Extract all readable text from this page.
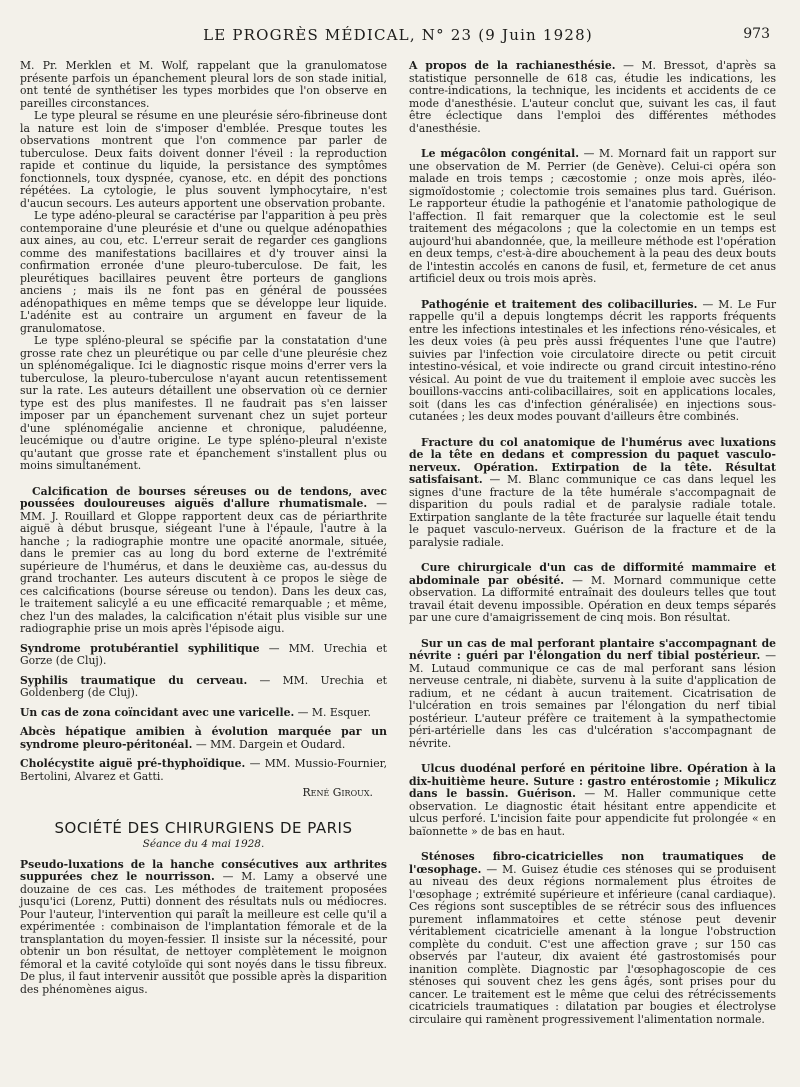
LE PROGRÈS MÉDICAL, N° 23 (9 Juin 1928)	973

M. Pr. Merklen et M. Wolf, rappelant que la granulomatose présente parfois un épanchement pleural lors de son stade initial, ont tenté de synthétiser les types morbides que l'on observe en pareilles circonstances.

Le type pleural se résume en une pleurésie séro-fibrineuse dont la nature est loin de s'imposer d'emblée. Presque toutes les observations montrent que l'on commence par parler de tuberculose. Deux faits doivent donner l'éveil : la reproduction rapide et continue du liquide, la persistance des symptômes fonctionnels, toux dyspnée, cyanose, etc. en dépit des ponctions répétées. La cytologie, le plus souvent lymphocytaire, n'est d'aucun secours. Les auteurs apportent une observation probante.

Le type adéno-pleural se caractérise par l'apparition à peu près contemporaine d'une pleurésie et d'une ou quelque adénopathies aux aines, au cou, etc. L'erreur serait de regarder ces ganglions comme des manifestations bacillaires et d'y trouver ainsi la confirmation erronée d'une pleuro-tuberculose. De fait, les pleurétiques bacillaires peuvent être porteurs de ganglions anciens ; mais ils ne font pas en général de poussées adénopathiques en même temps que se développe leur liquide. L'adénite est au contraire un argument en faveur de la granulomatose.

Le type spléno-pleural se spécifie par la constatation d'une grosse rate chez un pleurétique ou par celle d'une pleurésie chez un splénomégalique. Ici le diagnostic risque moins d'errer vers la tuberculose, la pleuro-tuberculose n'ayant aucun retentissement sur la rate. Les auteurs détaillent une observation où ce dernier type est des plus manifestes. Il ne faudrait pas s'en laisser imposer par un épanchement survenant chez un sujet porteur d'une splénomégalie ancienne et chronique, paludéenne, leucémique ou d'autre origine. Le type spléno-pleural n'existe qu'autant que grosse rate et épanchement s'installent plus ou moins simultanément.

Calcification de bourses séreuses ou de tendons, avec poussées douloureuses aiguës d'allure rhumatismale. — MM. J. Rouillard et Gloppe rapportent deux cas de périarthrite aiguë à début brusque, siégeant l'une à l'épaule, l'autre à la hanche ; la radiographie montre une opacité anormale, située, dans le premier cas au long du bord externe de l'extrémité supérieure de l'humérus, et dans le deuxième cas, au-dessus du grand trochanter. Les auteurs discutent à ce propos le siège de ces calcifications (bourse séreuse ou tendon). Dans les deux cas, le traitement salicylé a eu une efficacité remarquable ; et même, chez l'un des malades, la calcification n'était plus visible sur une radiographie prise un mois après l'épisode aigu.

Syndrome protubérantiel syphilitique — MM. Urechia et Gorze (de Cluj).

Syphilis traumatique du cerveau. — MM. Urechia et Goldenberg (de Cluj).

Un cas de zona coïncidant avec une varicelle. — M. Esquer.

Abcès hépatique amibien à évolution marquée par un syndrome pleuro-péritonéal. — MM. Dargein et Oudard.

Cholécystite aiguë pré-thyphoïdique. — MM. Mussio-Fournier, Bertolini, Alvarez et Gatti.

René Giroux.
SOCIÉTÉ DES CHIRURGIENS DE PARIS
Séance du 4 mai 1928.

Pseudo-luxations de la hanche consécutives aux arthrites suppurées chez le nourrisson. — M. Lamy a observé une douzaine de ces cas. Les méthodes de traitement proposées jusqu'ici (Lorenz, Putti) donnent des résultats nuls ou médiocres. Pour l'auteur, l'intervention qui paraît la meilleure est celle qu'il a expérimentée : combinaison de l'implantation fémorale et de la transplantation du moyen-fessier. Il insiste sur la nécessité, pour obtenir un bon résultat, de nettoyer complètement le moignon fémoral et la cavité cotyloïde qui sont noyés dans le tissu fibreux. De plus, il faut intervenir aussitôt que possible après la disparition des phénomènes aigus.

A propos de la rachianesthésie. — M. Bressot, d'après sa statistique personnelle de 618 cas, étudie les indications, les contre-indications, la technique, les incidents et accidents de ce mode d'anesthésie. L'auteur conclut que, suivant les cas, il faut être éclectique dans l'emploi des différentes méthodes d'anesthésie.

Le mégacôlon congénital. — M. Mornard fait un rapport sur une observation de M. Perrier (de Genève). Celui-ci opéra son malade en trois temps ; cæcostomie ; onze mois après, iléo-sigmoïdostomie ; colectomie trois semaines plus tard. Guérison. Le rapporteur étudie la pathogénie et l'anatomie pathologique de l'affection. Il fait remarquer que la colectomie est le seul traitement des mégacolons ; que la colectomie en un temps est aujourd'hui abandonnée, que, la meilleure méthode est l'opération en deux temps, c'est-à-dire abouchement à la peau des deux bouts de l'intestin accolés en canons de fusil, et, fermeture de cet anus artificiel deux ou trois mois après.

Pathogénie et traitement des colibacilluries. — M. Le Fur rappelle qu'il a depuis longtemps décrit les rapports fréquents entre les infections intestinales et les infections réno-vésicales, et les deux voies (à peu près aussi fréquentes l'une que l'autre) suivies par l'infection voie circulatoire directe ou petit circuit intestino-vésical, et voie indirecte ou grand circuit intestino-réno vésical. Au point de vue du traitement il emploie avec succès les bouillons-vaccins anti-colibacillaires, soit en applications locales, soit (dans les cas d'infection généralisée) en injections sous-cutanées ; les deux modes pouvant d'ailleurs être combinés.

Fracture du col anatomique de l'humérus avec luxations de la tête en dedans et compression du paquet vasculo-nerveux. Opération. Extirpation de la tête. Résultat satisfaisant. — M. Blanc communique ce cas dans lequel les signes d'une fracture de la tête humérale s'accompagnait de disparition du pouls radial et de paralysie radiale totale. Extirpation sanglante de la tête fracturée sur laquelle était tendu le paquet vasculo-nerveux. Guérison de la fracture et de la paralysie radiale.

Cure chirurgicale d'un cas de difformité mammaire et abdominale par obésité. — M. Mornard communique cette observation. La difformité entraînait des douleurs telles que tout travail était devenu impossible. Opération en deux temps séparés par une cure d'amaigrissement de cinq mois. Bon résultat.

Sur un cas de mal perforant plantaire s'accompagnant de névrite : guéri par l'élongation du nerf tibial postérieur. — M. Lutaud communique ce cas de mal perforant sans lésion nerveuse centrale, ni diabète, survenu à la suite d'application de radium, et ne cédant à aucun traitement. Cicatrisation de l'ulcération en trois semaines par l'élongation du nerf tibial postérieur. L'auteur préfère ce traitement à la sympathectomie péri-artérielle dans les cas d'ulcération s'accompagnant de névrite.

Ulcus duodénal perforé en péritoine libre. Opération à la dix-huitième heure. Suture : gastro entérostomie ; Mikulicz dans le bassin. Guérison. — M. Haller communique cette observation. Le diagnostic était hésitant entre appendicite et ulcus perforé. L'incision faite pour appendicite fut prolongée « en baïonnette » de bas en haut.

Sténoses fibro-cicatricielles non traumatiques de l'œsophage. — M. Guisez étudie ces sténoses qui se produisent au niveau des deux régions normalement plus étroites de l'œsophage ; extrémité supérieure et inférieure (canal cardiaque). Ces régions sont susceptibles de se rétrécir sous des influences purement inflammatoires et cette sténose peut devenir véritablement cicatricielle amenant à la longue l'obstruction complète du conduit. C'est une affection grave ; sur 150 cas observés par l'auteur, dix avaient été gastrostomisés pour inanition complète. Diagnostic par l'œsophagoscopie de ces sténoses qui souvent chez les gens âgés, sont prises pour du cancer. Le traitement est le même que celui des rétrécissements cicatriciels traumatiques : dilatation par bougies et électrolyse circulaire qui ramènent progressivement l'alimentation normale.
